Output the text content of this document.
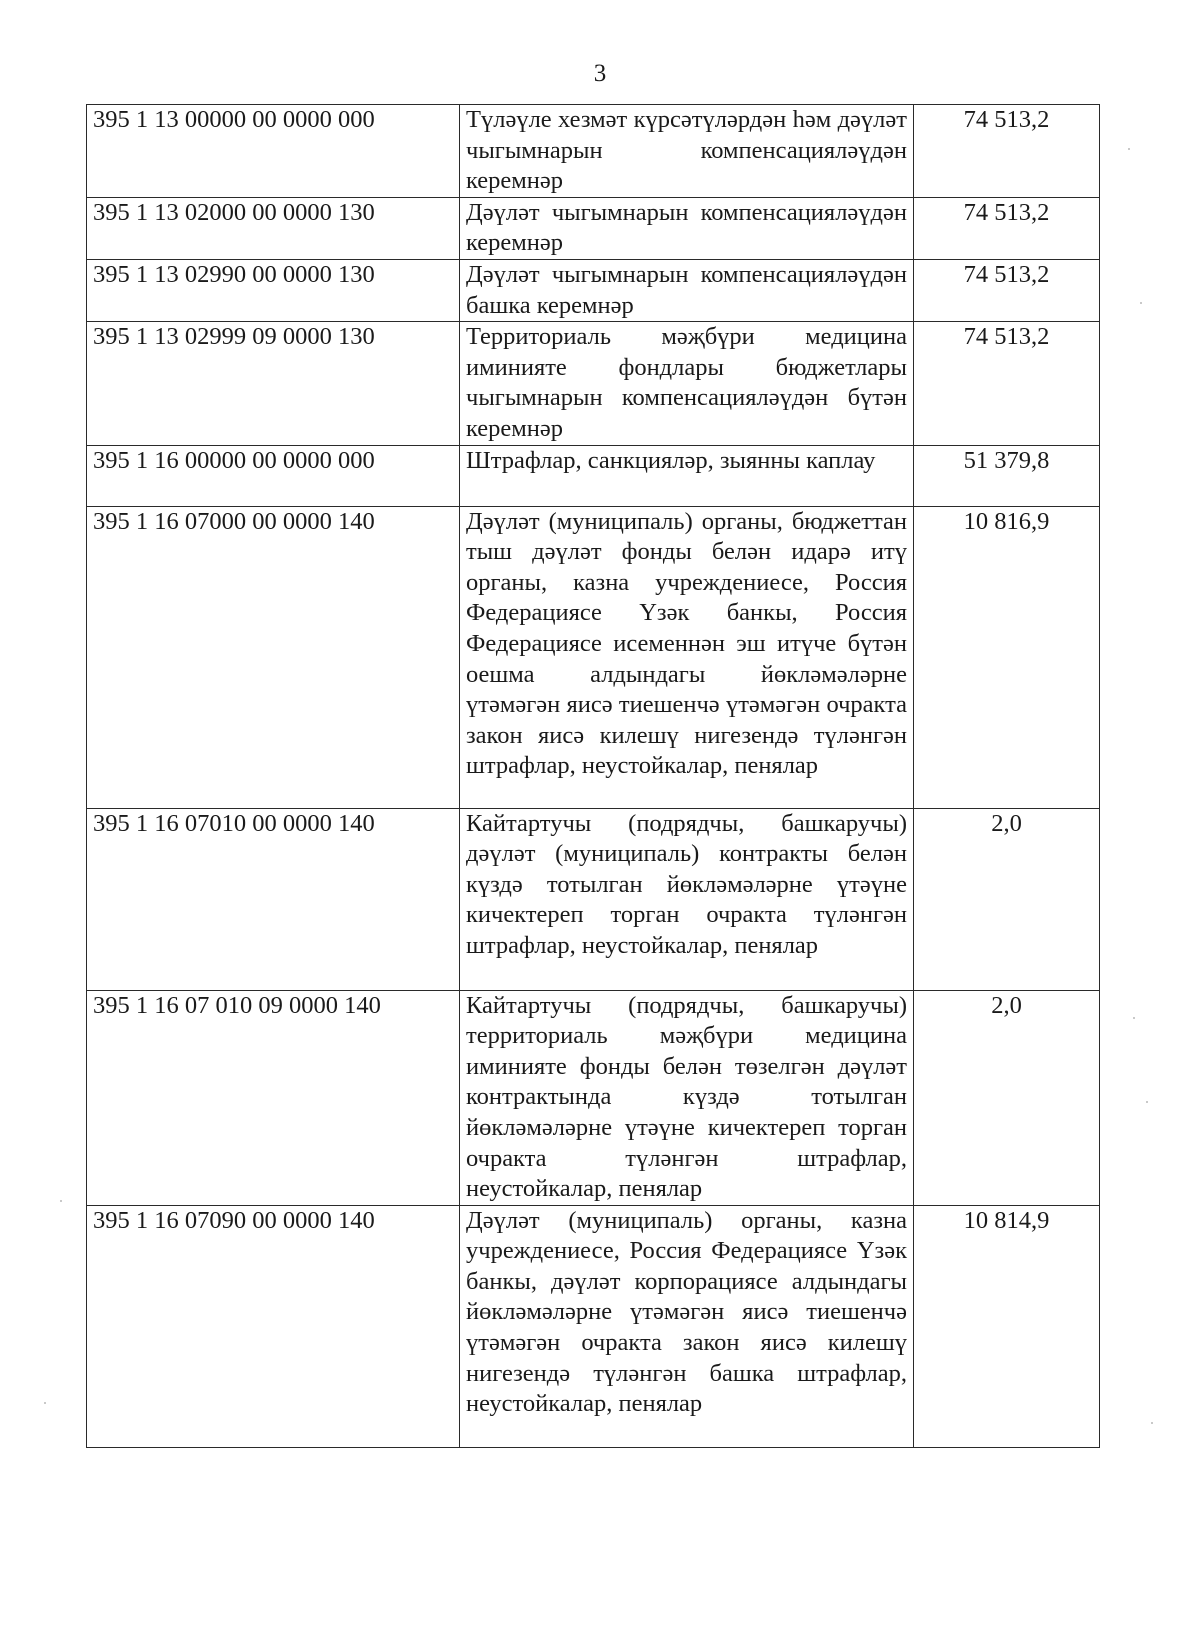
3
395 1 13 00000 00 0000 000	Түләүле хезмәт күрсәтүләрдән һәм дәүләт чыгымнарын компенсацияләүдән керемнәр	74 513,2
395 1 13 02000 00 0000 130	Дәүләт чыгымнарын компенсацияләүдән керемнәр	74 513,2
395 1 13 02990 00 0000 130	Дәүләт чыгымнарын компенсацияләүдән башка керемнәр	74 513,2
395 1 13 02999 09 0000 130	Территориаль мәҗбүри медицина иминияте фондлары бюджетлары чыгымнарын компенсацияләүдән бүтән керемнәр	74 513,2
395 1 16 00000 00 0000 000	Штрафлар, санкцияләр, зыянны каплау	51 379,8
395 1 16 07000 00 0000 140	Дәүләт (муниципаль) органы, бюджеттан тыш дәүләт фонды белән идарә итү органы, казна учреждениесе, Россия Федерациясе Үзәк банкы, Россия Федерациясе исеменнән эш итүче бүтән оешма алдындагы йөкләмәләрне үтәмәгән яисә тиешенчә үтәмәгән очракта закон яисә килешү нигезендә түләнгән штрафлар, неустойкалар, пенялар	10 816,9
395 1 16 07010 00 0000 140	Кайтартучы (подрядчы, башкаручы) дәүләт (муниципаль) контракты белән күздә тотылган йөкләмәләрне үтәүне кичектереп торган очракта түләнгән штрафлар, неустойкалар, пенялар	2,0
395 1 16 07 010 09 0000 140	Кайтартучы (подрядчы, башкаручы) территориаль мәҗбүри медицина иминияте фонды белән төзелгән дәүләт контрактында күздә тотылган йөкләмәләрне үтәүне кичектереп торган очракта түләнгән штрафлар, неустойкалар, пенялар	2,0
395 1 16 07090 00 0000 140	Дәүләт (муниципаль) органы, казна учреждениесе, Россия Федерациясе Үзәк банкы, дәүләт корпорациясе алдындагы йөкләмәләрне үтәмәгән яисә тиешенчә үтәмәгән очракта закон яисә килешү нигезендә түләнгән башка штрафлар, неустойкалар, пенялар	10 814,9
